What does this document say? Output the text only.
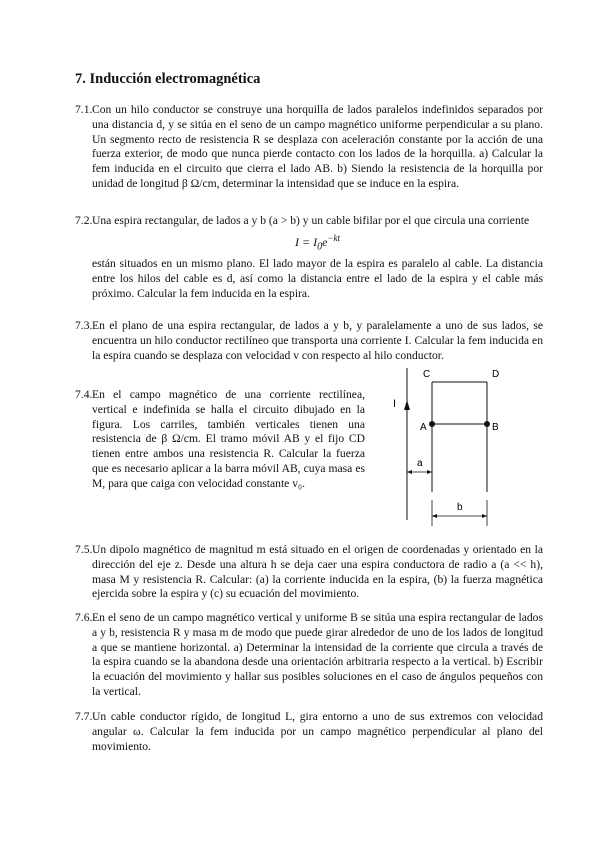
7. Inducción electromagnética
7.1. Con un hilo conductor se construye una horquilla de lados paralelos indefinidos separados por una distancia d, y se sitúa en el seno de un campo magnético uniforme perpendicular a su plano. Un segmento recto de resistencia R se desplaza con aceleración constante por la acción de una fuerza exterior, de modo que nunca pierde contacto con los lados de la horquilla. a) Calcular la fem inducida en el circuito que cierra el lado AB. b) Siendo la resistencia de la horquilla por unidad de longitud β Ω/cm, determinar la intensidad que se induce en la espira.
7.2. Una espira rectangular, de lados a y b (a > b) y un cable bifilar por el que circula una corriente
$I = I_0e^{-kt}$
están situados en un mismo plano. El lado mayor de la espira es paralelo al cable. La distancia entre los hilos del cable es d, así como la distancia entre el lado de la espira y el cable más próximo. Calcular la fem inducida en la espira.
7.3. En el plano de una espira rectangular, de lados a y b, y paralelamente a uno de sus lados, se encuentra un hilo conductor rectilíneo que transporta una corriente I. Calcular la fem inducida en la espira cuando se desplaza con velocidad v con respecto al hilo conductor.
7.4. En el campo magnético de una corriente rectilínea, vertical e indefinida se halla el circuito dibujado en la figura. Los carriles, también verticales tienen una resistencia de β Ω/cm. El tramo móvil AB y el fijo CD tienen entre ambos una resistencia R. Calcular la fuerza que es necesario aplicar a la barra móvil AB, cuya masa es M, para que caiga con velocidad constante v₀.
I
C	D
A	B
a
b
7.5. Un dipolo magnético de magnitud m está situado en el origen de coordenadas y orientado en la dirección del eje z. Desde una altura h se deja caer una espira conductora de radio a (a << h), masa M y resistencia R. Calcular: (a) la corriente inducida en la espira, (b) la fuerza magnética ejercida sobre la espira y (c) su ecuación del movimiento.
7.6. En el seno de un campo magnético vertical y uniforme B se sitúa una espira rectangular de lados a y b, resistencia R y masa m de modo que puede girar alrededor de uno de los lados de longitud a que se mantiene horizontal. a) Determinar la intensidad de la corriente que circula a través de la espira cuando se la abandona desde una orientación arbitraria respecto a la vertical. b) Escribir la ecuación del movimiento y hallar sus posibles soluciones en el caso de ángulos pequeños con la vertical.
7.7. Un cable conductor rígido, de longitud L, gira entorno a uno de sus extremos con velocidad angular ω. Calcular la fem inducida por un campo magnético perpendicular al plano del movimiento.
